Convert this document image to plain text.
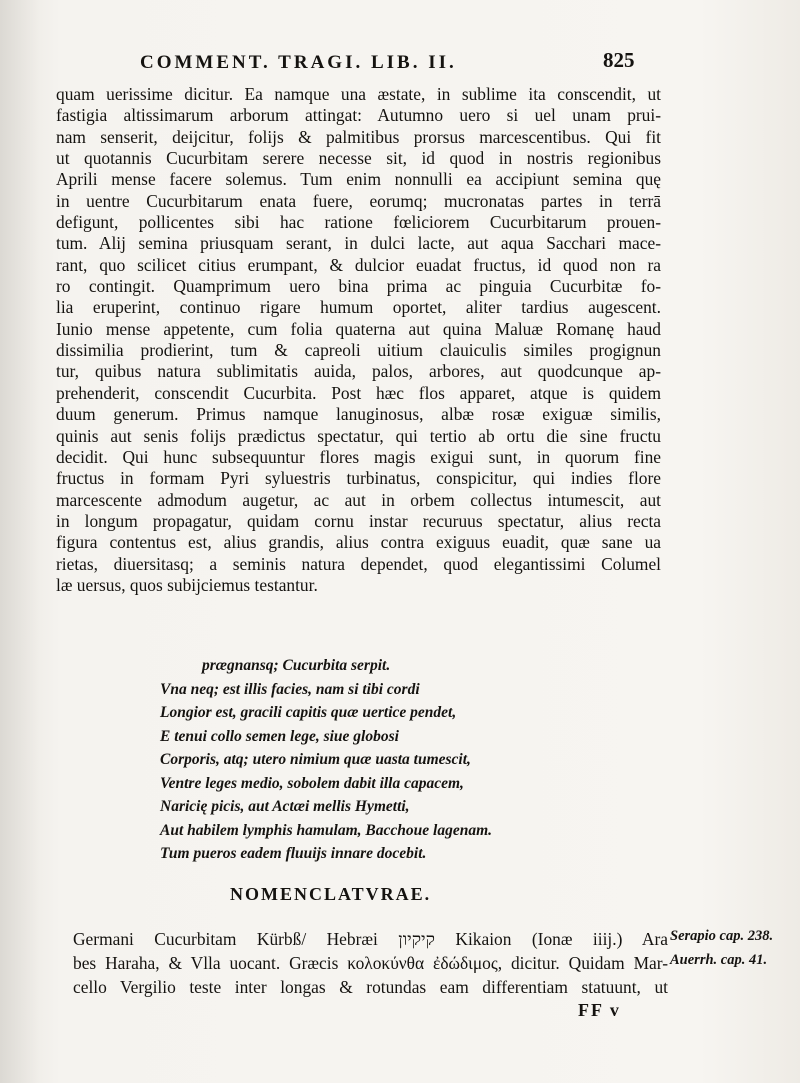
COMMENT. TRAGI. LIB. II.	825
quam uerissime dicitur. Ea namque una æstate, in sublime ita conscendit, ut
fastigia altissimarum arborum attingat: Autumno uero si uel unam prui-
nam senserit, deijcitur, folijs & palmitibus prorsus marcescentibus. Qui fit
ut quotannis Cucurbitam serere necesse sit, id quod in nostris regionibus
Aprili mense facere solemus. Tum enim nonnulli ea accipiunt semina quę
in uentre Cucurbitarum enata fuere, eorumq; mucronatas partes in terrā
defigunt, pollicentes sibi hac ratione fœliciorem Cucurbitarum prouen-
tum. Alij semina priusquam serant, in dulci lacte, aut aqua Sacchari mace-
rant, quo scilicet citius erumpant, & dulcior euadat fructus, id quod non ra
ro contingit. Quamprimum uero bina prima ac pinguia Cucurbitæ fo-
lia eruperint, continuo rigare humum oportet, aliter tardius augescent.
Iunio mense appetente, cum folia quaterna aut quina Maluæ Romanę haud
dissimilia prodierint, tum & capreoli uitium clauiculis similes progignun
tur, quibus natura sublimitatis auida, palos, arbores, aut quodcunque ap-
prehenderit, conscendit Cucurbita. Post hæc flos apparet, atque is quidem
duum generum. Primus namque lanuginosus, albæ rosæ exiguæ similis,
quinis aut senis folijs prædictus spectatur, qui tertio ab ortu die sine fructu
decidit. Qui hunc subsequuntur flores magis exigui sunt, in quorum fine
fructus in formam Pyri syluestris turbinatus, conspicitur, qui indies flore
marcescente admodum augetur, ac aut in orbem collectus intumescit, aut
in longum propagatur, quidam cornu instar recuruus spectatur, alius recta
figura contentus est, alius grandis, alius contra exiguus euadit, quæ sane ua
rietas, diuersitasq; a seminis natura dependet, quod elegantissimi Columel
læ uersus, quos subijciemus testantur.
prægnansq; Cucurbita serpit.
Vna neq; est illis facies, nam si tibi cordi
Longior est, gracili capitis quæ uertice pendet,
E tenui collo semen lege, siue globosi
Corporis, atq; utero nimium quæ uasta tumescit,
Ventre leges medio, sobolem dabit illa capacem,
Naricię picis, aut Actæi mellis Hymetti,
Aut habilem lymphis hamulam, Bacchoue lagenam.
Tum pueros eadem fluuijs innare docebit.
NOMENCLATVRAE.
Germani Cucurbitam Kürbß/ Hebræi קיקיון Kikaion (Ionæ iiij.) Ara
bes Haraha, & Vlla uocant. Græcis κολοκύνθα ἐδώδιμος, dicitur. Quidam Mar-
cello Vergilio teste inter longas & rotundas eam differentiam statuunt, ut
Serapio cap. 238.
Auerrh. cap. 41.
FF v
